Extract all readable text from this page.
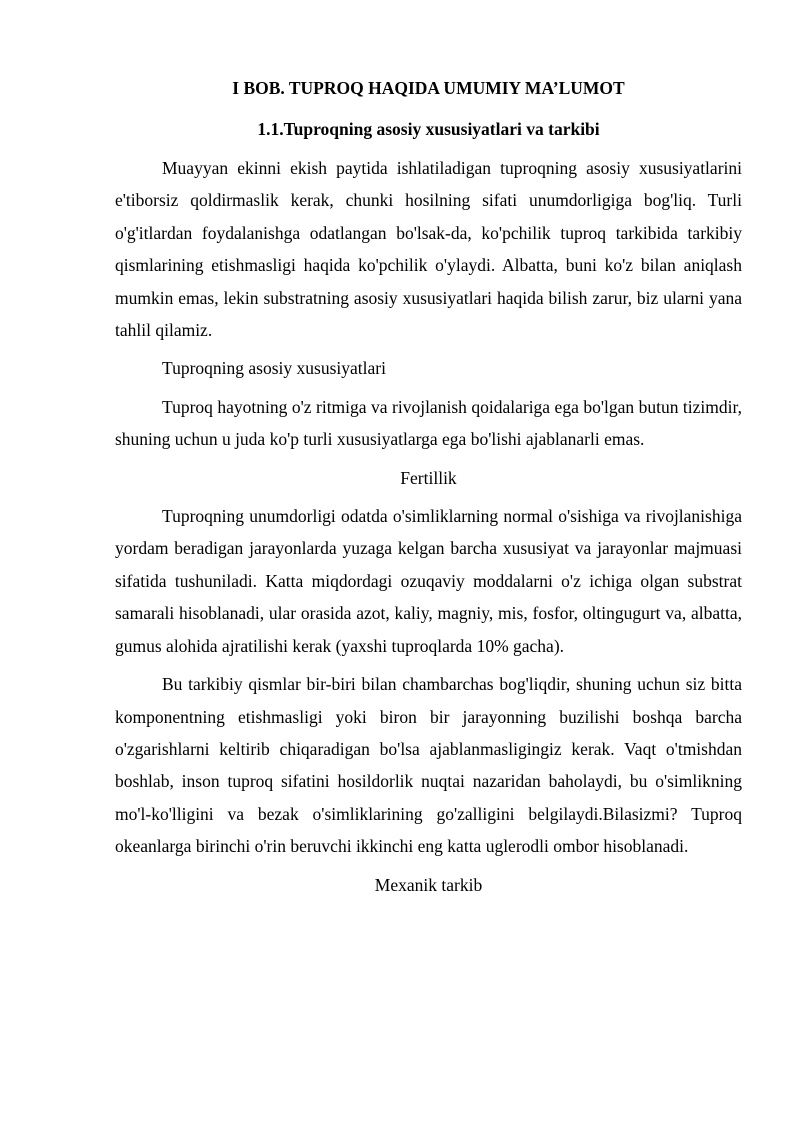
I BOB. TUPROQ HAQIDA UMUMIY MA’LUMOT
1.1.Tuproqning asosiy xususiyatlari va tarkibi

Muayyan ekinni ekish paytida ishlatiladigan tuproqning asosiy xususiyatlarini e'tiborsiz qoldirmaslik kerak, chunki hosilning sifati unumdorligiga bog'liq. Turli o'g'itlardan foydalanishga odatlangan bo'lsak-da, ko'pchilik tuproq tarkibida tarkibiy qismlarining etishmasligi haqida ko'pchilik o'ylaydi. Albatta, buni ko'z bilan aniqlash mumkin emas, lekin substratning asosiy xususiyatlari haqida bilish zarur, biz ularni yana tahlil qilamiz.

Tuproqning asosiy xususiyatlari

Tuproq hayotning o'z ritmiga va rivojlanish qoidalariga ega bo'lgan butun tizimdir, shuning uchun u juda ko'p turli xususiyatlarga ega bo'lishi ajablanarli emas.

Fertillik

Tuproqning unumdorligi odatda o'simliklarning normal o'sishiga va rivojlanishiga yordam beradigan jarayonlarda yuzaga kelgan barcha xususiyat va jarayonlar majmuasi sifatida tushuniladi. Katta miqdordagi ozuqaviy moddalarni o'z ichiga olgan substrat samarali hisoblanadi, ular orasida azot, kaliy, magniy, mis, fosfor, oltingugurt va, albatta, gumus alohida ajratilishi kerak (yaxshi tuproqlarda 10% gacha).

Bu tarkibiy qismlar bir-biri bilan chambarchas bog'liqdir, shuning uchun siz bitta komponentning etishmasligi yoki biron bir jarayonning buzilishi boshqa barcha o'zgarishlarni keltirib chiqaradigan bo'lsa ajablanmasligingiz kerak. Vaqt o'tmishdan boshlab, inson tuproq sifatini hosildorlik nuqtai nazaridan baholaydi, bu o'simlikning mo'l-ko'lligini va bezak o'simliklarining go'zalligini belgilaydi.Bilasizmi? Tuproq okeanlarga birinchi o'rin beruvchi ikkinchi eng katta uglerodli ombor hisoblanadi.

Mexanik tarkib
